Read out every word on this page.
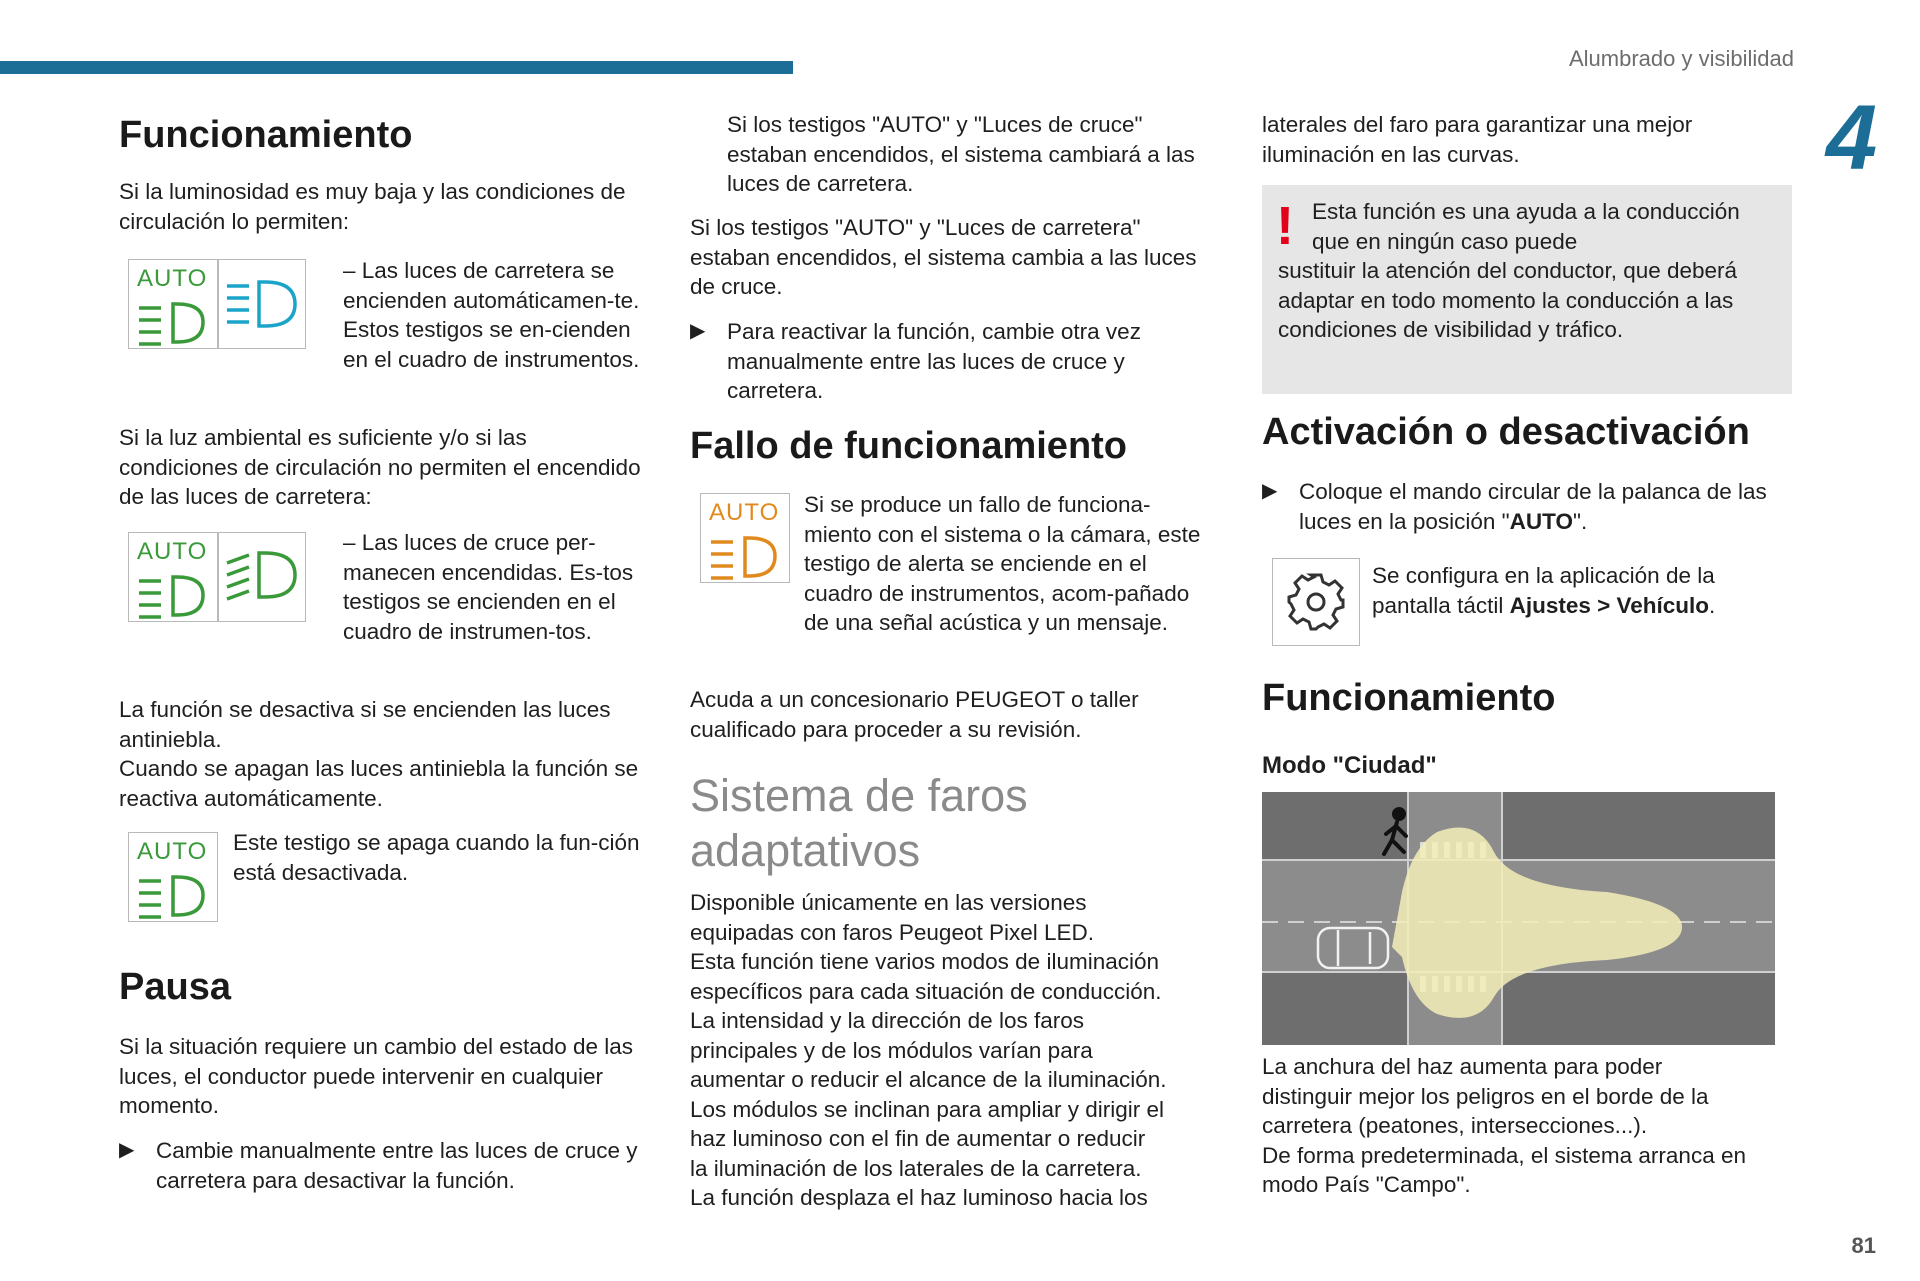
Alumbrado y visibilidad
4
81
Funcionamiento

Si la luminosidad es muy baja y las condiciones de circulación lo permiten:

AUTO	– Las luces de carretera se encienden automáticamen-te. Estos testigos se en-cienden en el cuadro de instrumentos.

Si la luz ambiental es suficiente y/o si las condiciones de circulación no permiten el encendido de las luces de carretera:

AUTO	– Las luces de cruce per-manecen encendidas. Es-tos testigos se encienden en el cuadro de instrumen-tos.

La función se desactiva si se encienden las luces antiniebla.

Cuando se apagan las luces antiniebla la función se reactiva automáticamente.

AUTO Este testigo se apaga cuando la fun-ción está desactivada.

Pausa

Si la situación requiere un cambio del estado de las luces, el conductor puede intervenir en cualquier momento.

▶ Cambie manualmente entre las luces de cruce y carretera para desactivar la función.

Si los testigos "AUTO" y "Luces de cruce" estaban encendidos, el sistema cambiará a las luces de carretera.

Si los testigos "AUTO" y "Luces de carretera" estaban encendidos, el sistema cambia a las luces de cruce.

▶ Para reactivar la función, cambie otra vez manualmente entre las luces de cruce y carretera.
Fallo de funcionamiento
AUTO Si se produce un fallo de funciona-miento con el sistema o la cámara, este testigo de alerta se enciende en el cuadro de instrumentos, acom-pañado de una señal acústica y un mensaje.

Acuda a un concesionario PEUGEOT o taller cualificado para proceder a su revisión.

Sistema de faros
adaptativos
Disponible únicamente en las versiones
equipadas con faros Peugeot Pixel LED.
Esta función tiene varios modos de iluminación
específicos para cada situación de conducción.
La intensidad y la dirección de los faros
principales y de los módulos varían para
aumentar o reducir el alcance de la iluminación.
Los módulos se inclinan para ampliar y dirigir el
haz luminoso con el fin de aumentar o reducir
la iluminación de los laterales de la carretera.
La función desplaza el haz luminoso hacia los

laterales del faro para garantizar una mejor iluminación en las curvas.

! Esta función es una ayuda a la conducción que en ningún caso puede
sustituir la atención del conductor, que deberá adaptar en todo momento la conducción a las condiciones de visibilidad y tráfico.
Activación o desactivación
▶ Coloque el mando circular de la palanca de las luces en la posición "AUTO".

Se configura en la aplicación de la pantalla táctil Ajustes > Vehículo.

Funcionamiento
Modo "Ciudad"
La anchura del haz aumenta para poder
distinguir mejor los peligros en el borde de la
carretera (peatones, intersecciones...).
De forma predeterminada, el sistema arranca en
modo País "Campo".
